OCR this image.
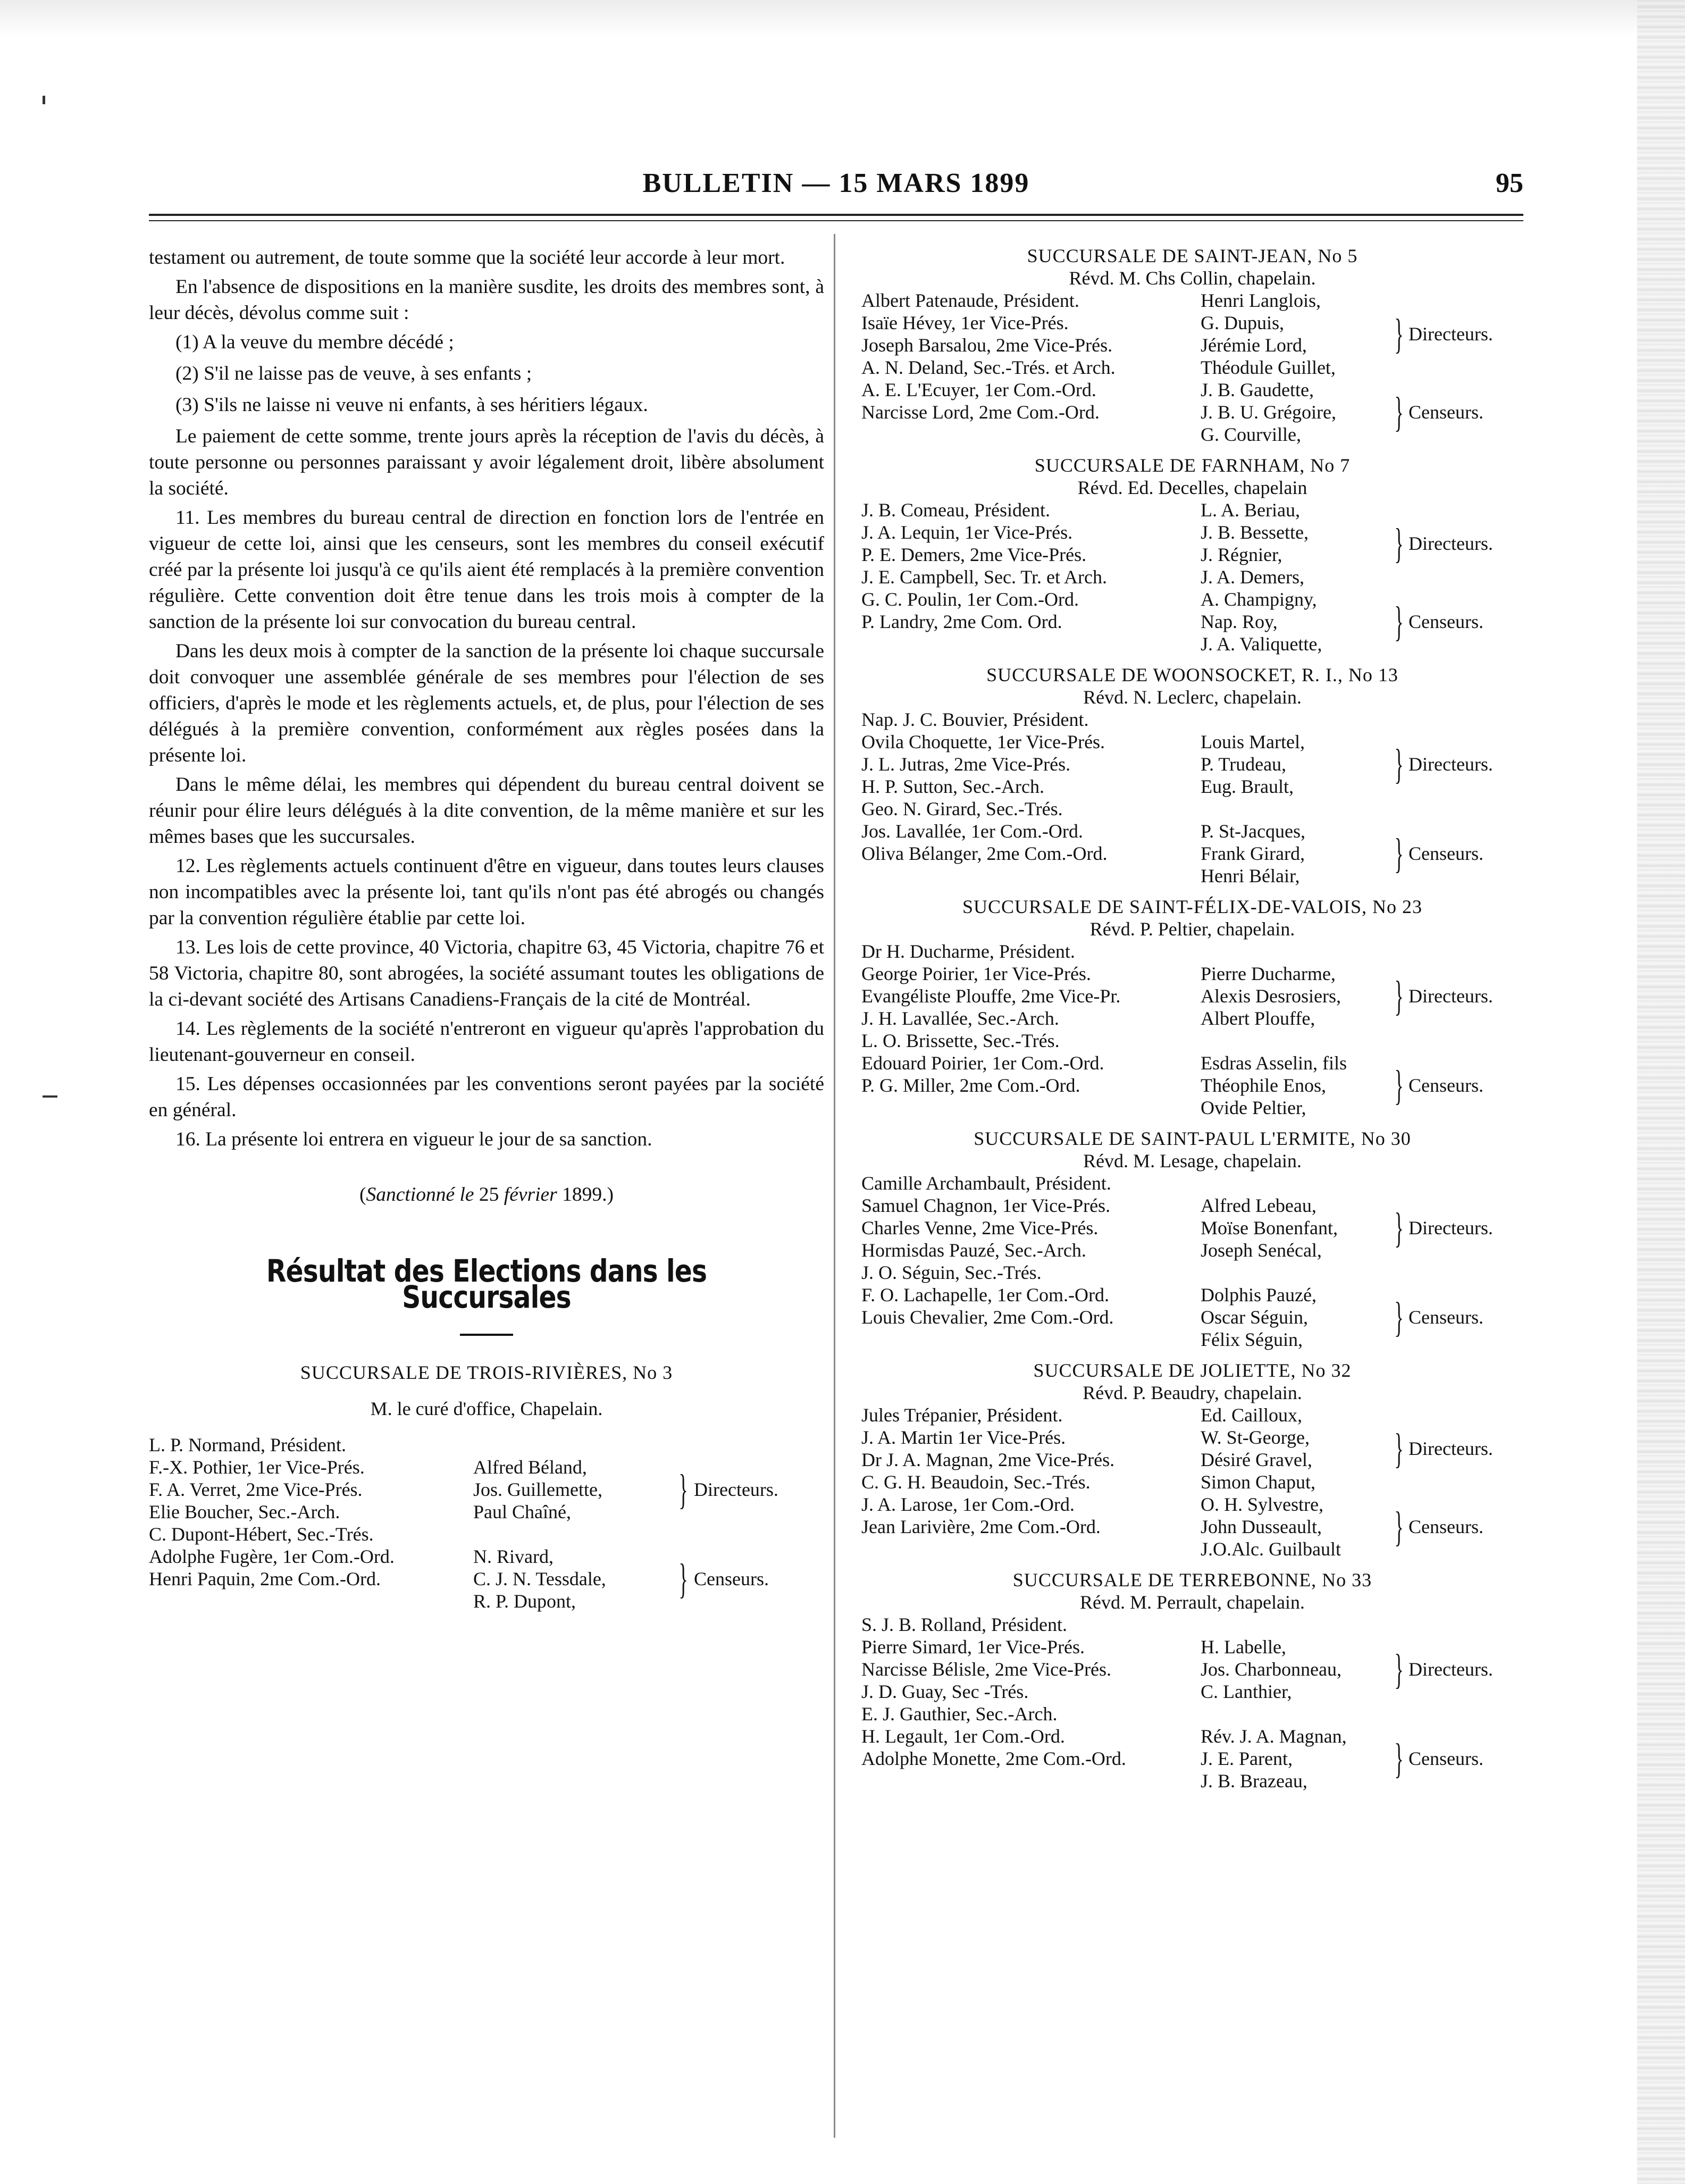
BULLETIN — 15 MARS 1899	95

testament ou autrement, de toute somme que la société leur accorde à leur mort.

En l'absence de dispositions en la manière susdite, les droits des membres sont, à leur décès, dévolus comme suit :

(1) A la veuve du membre décédé ;

(2) S'il ne laisse pas de veuve, à ses enfants ;

(3) S'ils ne laisse ni veuve ni enfants, à ses héritiers légaux.

Le paiement de cette somme, trente jours après la réception de l'avis du décès, à toute personne ou personnes paraissant y avoir légalement droit, libère absolument la société.

11. Les membres du bureau central de direction en fonction lors de l'entrée en vigueur de cette loi, ainsi que les censeurs, sont les membres du conseil exécutif créé par la présente loi jusqu'à ce qu'ils aient été remplacés à la première convention régulière. Cette convention doit être tenue dans les trois mois à compter de la sanction de la présente loi sur convocation du bureau central.

Dans les deux mois à compter de la sanction de la présente loi chaque succursale doit convoquer une assemblée générale de ses membres pour l'élection de ses officiers, d'après le mode et les règlements actuels, et, de plus, pour l'élection de ses délégués à la première convention, conformément aux règles posées dans la présente loi.

Dans le même délai, les membres qui dépendent du bureau central doivent se réunir pour élire leurs délégués à la dite convention, de la même manière et sur les mêmes bases que les succursales.

12. Les règlements actuels continuent d'être en vigueur, dans toutes leurs clauses non incompatibles avec la présente loi, tant qu'ils n'ont pas été abrogés ou changés par la convention régulière établie par cette loi.

13. Les lois de cette province, 40 Victoria, chapitre 63, 45 Victoria, chapitre 76 et 58 Victoria, chapitre 80, sont abrogées, la société assumant toutes les obligations de la ci-devant société des Artisans Canadiens-Français de la cité de Montréal.

14. Les règlements de la société n'entreront en vigueur qu'après l'approbation du lieutenant-gouverneur en conseil.

15. Les dépenses occasionnées par les conventions seront payées par la société en général.

16. La présente loi entrera en vigueur le jour de sa sanction.

(Sanctionné le 25 février 1899.)

Résultat des Elections dans les Succursales
SUCCURSALE DE TROIS-RIVIÈRES, No 3
M. le curé d'office, Chapelain.
L. P. Normand, Président.
F.-X. Pothier, 1er Vice-Prés.	Alfred Béland,
F. A. Verret, 2me Vice-Prés.	Jos. Guillemette,
Elie Boucher, Sec.-Arch.	Paul Chaîné,	} Directeurs.
C. Dupont-Hébert, Sec.-Trés.
Adolphe Fugère, 1er Com.-Ord.	N. Rivard,
Henri Paquin, 2me Com.-Ord.	C. J. N. Tessdale,
R. P. Dupont,	} Censeurs.
SUCCURSALE DE SAINT-JEAN, No 5
Révd. M. Chs Collin, chapelain.
Albert Patenaude, Président.	Henri Langlois,
Isaïe Hévey, 1er Vice-Prés.	G. Dupuis,
Joseph Barsalou, 2me Vice-Prés.	Jérémie Lord,
A. N. Deland, Sec.-Trés. et Arch.	Théodule Guillet,
} Directeurs.
A. E. L'Ecuyer, 1er Com.-Ord.	J. B. Gaudette,
Narcisse Lord, 2me Com.-Ord.	J. B. U. Grégoire,
G. Courville,	} Censeurs.
SUCCURSALE DE FARNHAM, No 7
Révd. Ed. Decelles, chapelain
J. B. Comeau, Président.	L. A. Beriau,
J. A. Lequin, 1er Vice-Prés.	J. B. Bessette,
P. E. Demers, 2me Vice-Prés.	J. Régnier,
J. E. Campbell, Sec. Tr. et Arch.	J. A. Demers,
} Directeurs.
G. C. Poulin, 1er Com.-Ord.	A. Champigny,
P. Landry, 2me Com. Ord.	Nap. Roy,
J. A. Valiquette,	} Censeurs.
SUCCURSALE DE WOONSOCKET, R. I., No 13
Révd. N. Leclerc, chapelain.
Nap. J. C. Bouvier, Président.
Ovila Choquette, 1er Vice-Prés.	Louis Martel,
J. L. Jutras, 2me Vice-Prés.	P. Trudeau,
H. P. Sutton, Sec.-Arch.	Eug. Brault,	} Directeurs.
Geo. N. Girard, Sec.-Trés.
Jos. Lavallée, 1er Com.-Ord.	P. St-Jacques,
Oliva Bélanger, 2me Com.-Ord.	Frank Girard,
Henri Bélair,	} Censeurs.
SUCCURSALE DE SAINT-FÉLIX-DE-VALOIS, No 23
Révd. P. Peltier, chapelain.
Dr H. Ducharme, Président.
George Poirier, 1er Vice-Prés.	Pierre Ducharme,
Evangéliste Plouffe, 2me Vice-Pr.	Alexis Desrosiers,
J. H. Lavallée, Sec.-Arch.	Albert Plouffe,	} Directeurs.
L. O. Brissette, Sec.-Trés.
Edouard Poirier, 1er Com.-Ord.	Esdras Asselin, fils
P. G. Miller, 2me Com.-Ord.	Théophile Enos,
Ovide Peltier,	} Censeurs.
SUCCURSALE DE SAINT-PAUL L'ERMITE, No 30
Révd. M. Lesage, chapelain.
Camille Archambault, Président.
Samuel Chagnon, 1er Vice-Prés.	Alfred Lebeau,
Charles Venne, 2me Vice-Prés.	Moïse Bonenfant,
Hormisdas Pauzé, Sec.-Arch.	Joseph Senécal,	} Directeurs.
J. O. Séguin, Sec.-Trés.
F. O. Lachapelle, 1er Com.-Ord.	Dolphis Pauzé,
Louis Chevalier, 2me Com.-Ord.	Oscar Séguin,
Félix Séguin,	} Censeurs.
SUCCURSALE DE JOLIETTE, No 32
Révd. P. Beaudry, chapelain.
Jules Trépanier, Président.	Ed. Cailloux,
J. A. Martin 1er Vice-Prés.	W. St-George,
Dr J. A. Magnan, 2me Vice-Prés.	Désiré Gravel,
C. G. H. Beaudoin, Sec.-Trés.	Simon Chaput,
} Directeurs.
J. A. Larose, 1er Com.-Ord.	O. H. Sylvestre,
Jean Larivière, 2me Com.-Ord.	John Dusseault,
J.O.Alc. Guilbault	} Censeurs.
SUCCURSALE DE TERREBONNE, No 33
Révd. M. Perrault, chapelain.
S. J. B. Rolland, Président.
Pierre Simard, 1er Vice-Prés.	H. Labelle,
Narcisse Bélisle, 2me Vice-Prés.	Jos. Charbonneau,
J. D. Guay, Sec -Trés.	C. Lanthier,	} Directeurs.
E. J. Gauthier, Sec.-Arch.
H. Legault, 1er Com.-Ord.	Rév. J. A. Magnan,
Adolphe Monette, 2me Com.-Ord.	J. E. Parent,
J. B. Brazeau,	} Censeurs.
